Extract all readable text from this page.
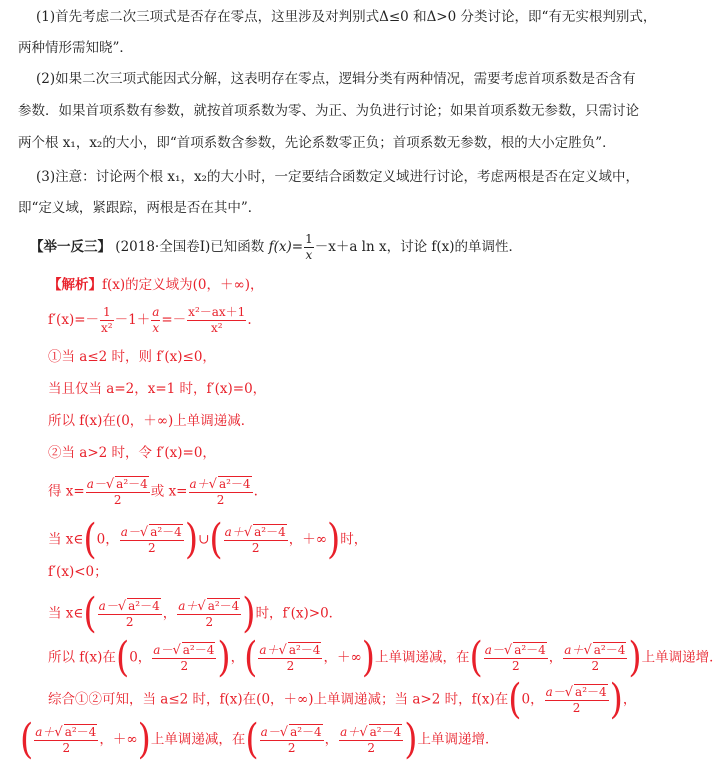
(1)首先考虑二次三项式是否存在零点，这里涉及对判别式Δ≤0 和Δ>0 分类讨论，即“有无实根判别式，
两种情形需知晓”．
(2)如果二次三项式能因式分解，这表明存在零点，逻辑分类有两种情况，需要考虑首项系数是否含有
参数．如果首项系数有参数，就按首项系数为零、为正、为负进行讨论；如果首项系数无参数，只需讨论
两个根 x₁，x₂的大小，即“首项系数含参数，先论系数零正负；首项系数无参数，根的大小定胜负”．
(3)注意：讨论两个根 x₁，x₂的大小时，一定要结合函数定义域进行讨论，考虑两根是否在定义域中，
即“定义域，紧跟踪，两根是否在其中”．
【举一反三】 (2018·全国卷Ⅰ)已知函数 $f(x)= \frac{1}{x} -x+a$ ln x，讨论 f(x)的单调性．
【解析】f(x)的定义域为(0，＋∞)，
$f'(x)=- \frac{1}{\text{x²}} -1+ \frac{a}{x} =- \frac{\text{x²－ax＋1}}{\text{x²}}$ .
①当 a≤2 时，则 f′(x)≤0，
当且仅当 a=2，x=1 时，f′(x)=0，
所以 f(x)在(0，＋∞)上单调递减．
②当 a>2 时，令 f′(x)=0，
得 $x= \frac{\text{a－√ a²－4}}{2}$ 或 $x= \frac{\text{a＋√ a²－4}}{2}$ .
当 x∈(0， $\frac{\text{a－√ a²－4}}{2}$ )∪( $\frac{\text{a＋√ a²－4}}{2}$ ，＋∞)时，
f′(x)<0；
当 x∈( $\frac{\text{a－√ a²－4}}{2}$ ， $\frac{\text{a＋√ a²－4}}{2}$ )时，f′(x)>0．
所以 f(x)在(0， $\frac{\text{a－√ a²－4}}{2}$ )，( $\frac{\text{a＋√ a²－4}}{2}$ ，＋∞)上单调递减，在( $\frac{\text{a－√ a²－4}}{2}$ ， $\frac{\text{a＋√ a²－4}}{2}$ )上单调递增．
综合①②可知，当 a≤2 时，f(x)在(0，＋∞)上单调递减；当 a>2 时，f(x)在(0， $\frac{\text{a－√ a²－4}}{2}$ )，
( $\frac{\text{a＋√ a²－4}}{2}$ ，＋∞)上单调递减，在( $\frac{\text{a－√ a²－4}}{2}$ ， $\frac{\text{a＋√ a²－4}}{2}$ )上单调递增．
